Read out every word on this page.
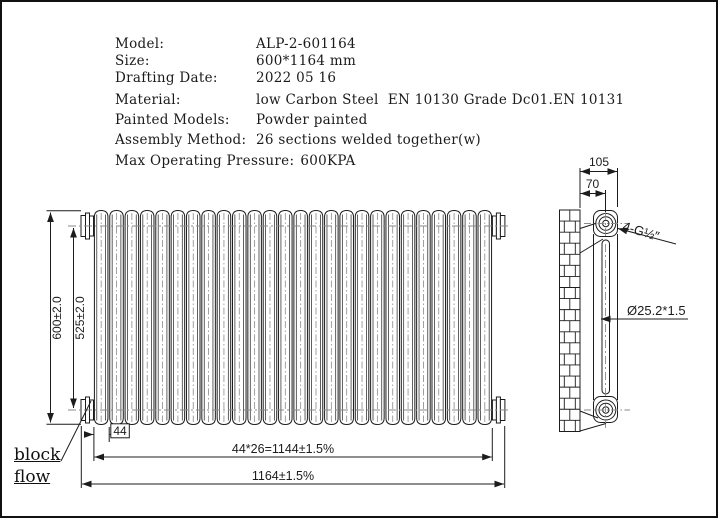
Model:	ALP-2-601164
Size:	600*1164 mm
Drafting Date:	2022 05 16
Material:	low Carbon Steel  EN 10130 Grade Dc01.EN 10131
Painted Models:	Powder painted
Assembly Method: 26 sections welded together(w)
Max Operating Pressure: 600KPA
block
flow
600±2.0 525±2.0
44
44*26=1144±1.5%
1164±1.5%
105
70
4-G½″
Ø25.2*1.5
